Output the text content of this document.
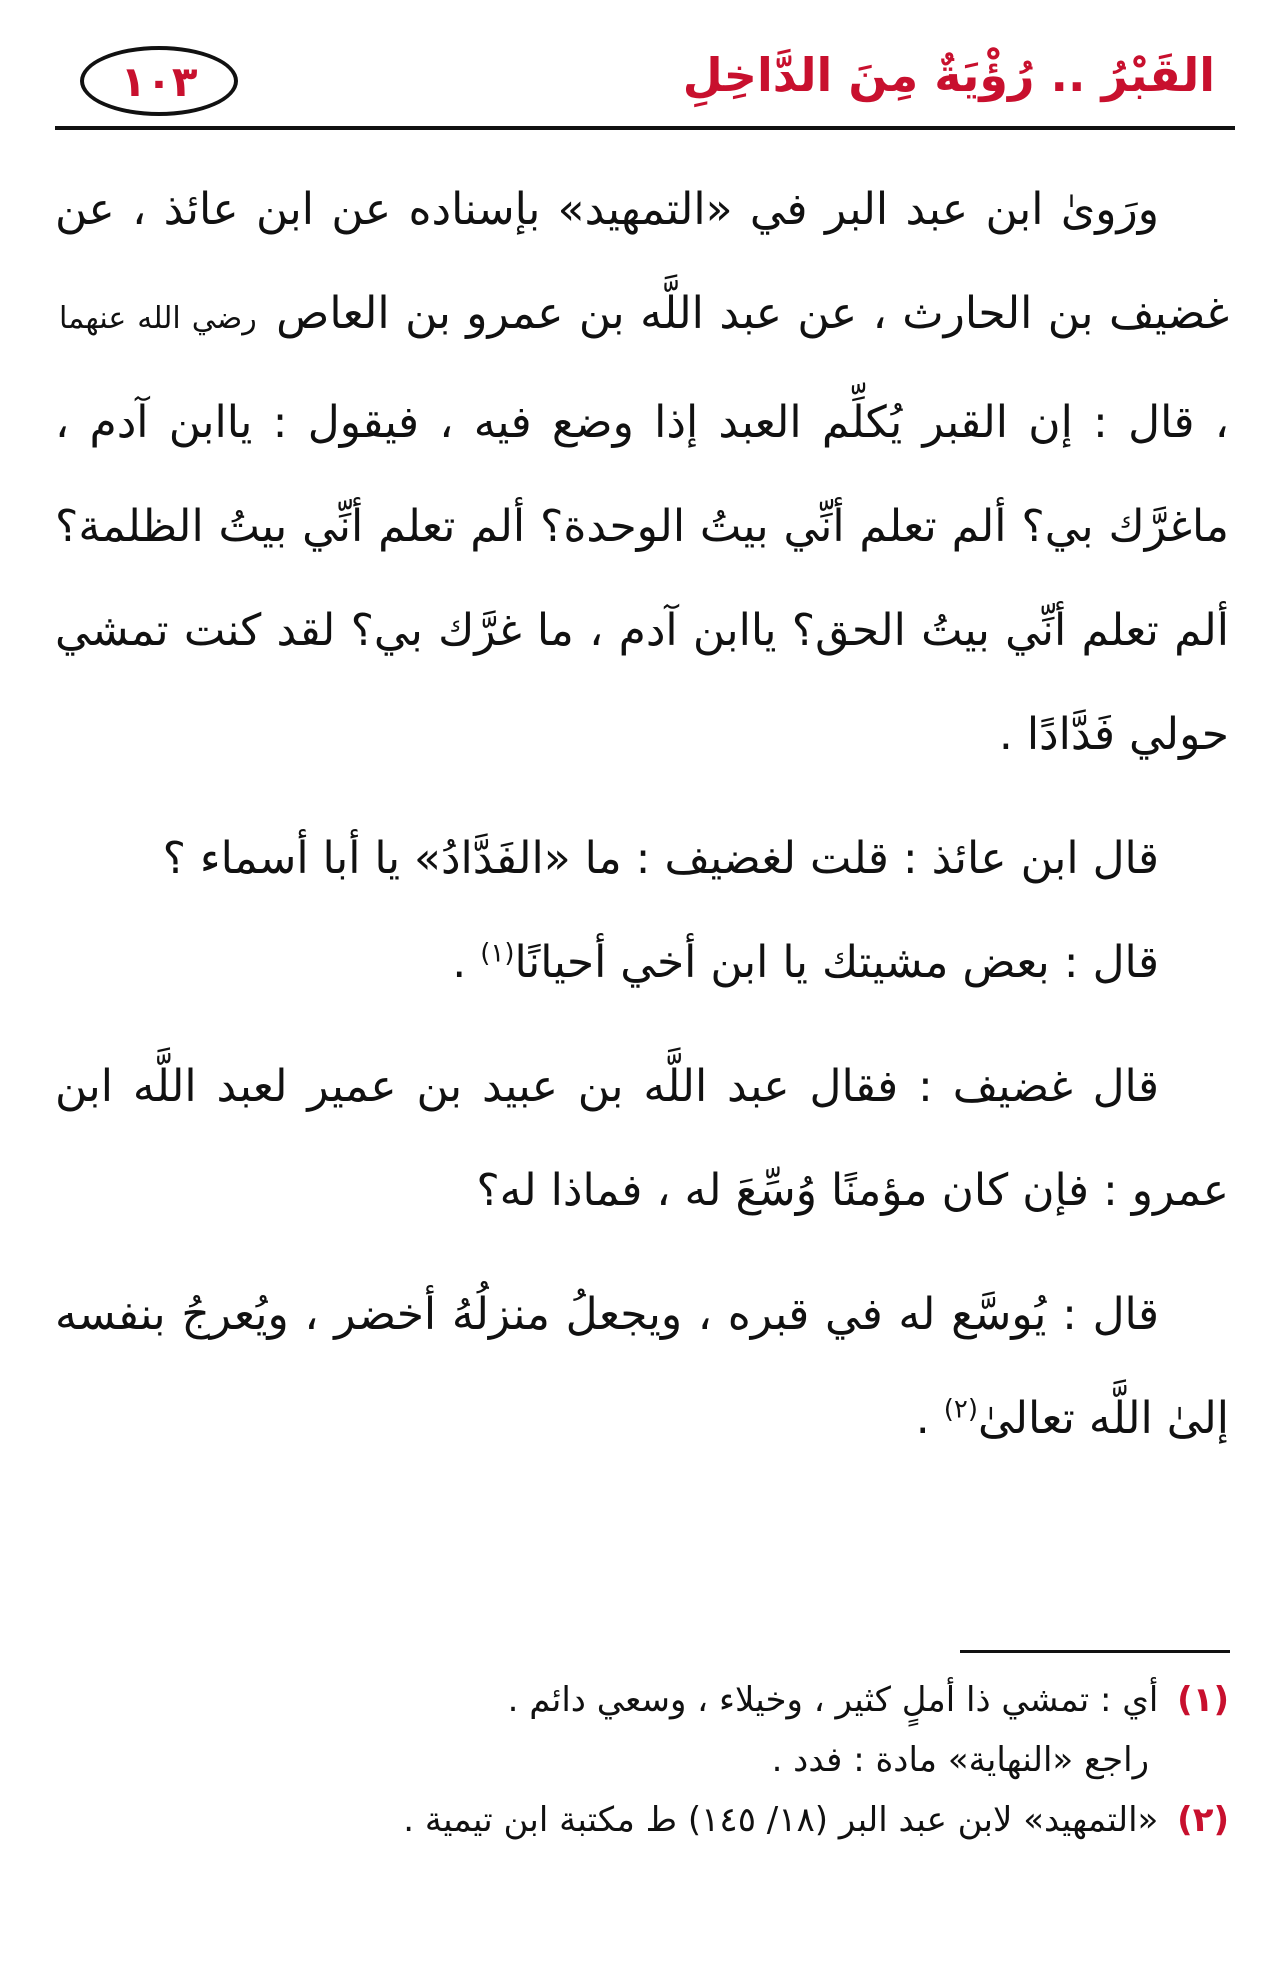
القَبْرُ .. رُؤْيَةٌ مِنَ الدَّاخِلِ
١٠٣

ورَوىٰ ابن عبد البر في «التمهيد» بإسناده عن ابن عائذ ، عن غضيف بن الحارث ، عن عبد اللَّه بن عمرو بن العاص رضي الله عنهما ، قال : إن القبر يُكلِّم العبد إذا وضع فيه ، فيقول : ياابن آدم ، ماغرَّك بي؟ ألم تعلم أنِّي بيتُ الوحدة؟ ألم تعلم أنِّي بيتُ الظلمة؟ ألم تعلم أنِّي بيتُ الحق؟ ياابن آدم ، ما غرَّك بي؟ لقد كنت تمشي حولي فَدَّادًا .

قال ابن عائذ : قلت لغضيف : ما «الفَدَّادُ» يا أبا أسماء ؟

قال : بعض مشيتك يا ابن أخي أحيانًا$^{(١)}$ .

قال غضيف : فقال عبد اللَّه بن عبيد بن عمير لعبد اللَّه ابن عمرو : فإن كان مؤمنًا وُسِّعَ له ، فماذا له؟

قال : يُوسَّع له في قبره ، ويجعلُ منزلُهُ أخضر ، ويُعرجُ بنفسه إلىٰ اللَّه تعالىٰ$^{(٢)}$ .

(١) أي : تمشي ذا أملٍ كثير ، وخيلاء ، وسعي دائم .

راجع «النهاية» مادة : فدد .

(٢) «التمهيد» لابن عبد البر (١٨/ ١٤٥) ط مكتبة ابن تيمية .
